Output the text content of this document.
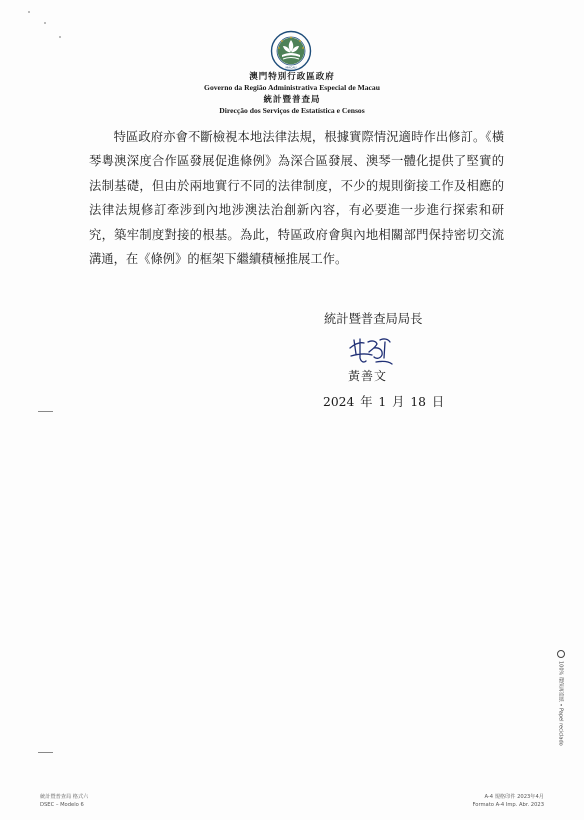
MACAU
澳門特別行政區政府
Governo da Região Administrativa Especial de Macau
統計暨普查局
Direcção dos Serviços de Estatística e Censos

特區政府亦會不斷檢視本地法律法規，根據實際情況適時作出修訂。《橫琴粵澳深度合作區發展促進條例》為深合區發展、澳琴一體化提供了堅實的法制基礎，但由於兩地實行不同的法律制度，不少的規則銜接工作及相應的法律法規修訂牽涉到內地涉澳法治創新內容，有必要進一步進行探索和研究，築牢制度對接的根基。為此，特區政府會與內地相關部門保持密切交流溝通，在《條例》的框架下繼續積極推展工作。

統計暨普查局局長
黃善文
2024 年 1 月 18 日
統計暨普查局 格式六
DSEC – Modelo 6
A-4 規格印件 2023年4月
Formato A-4 Imp. Abr. 2023
100% 環保再造紙 • Papel reciclado
